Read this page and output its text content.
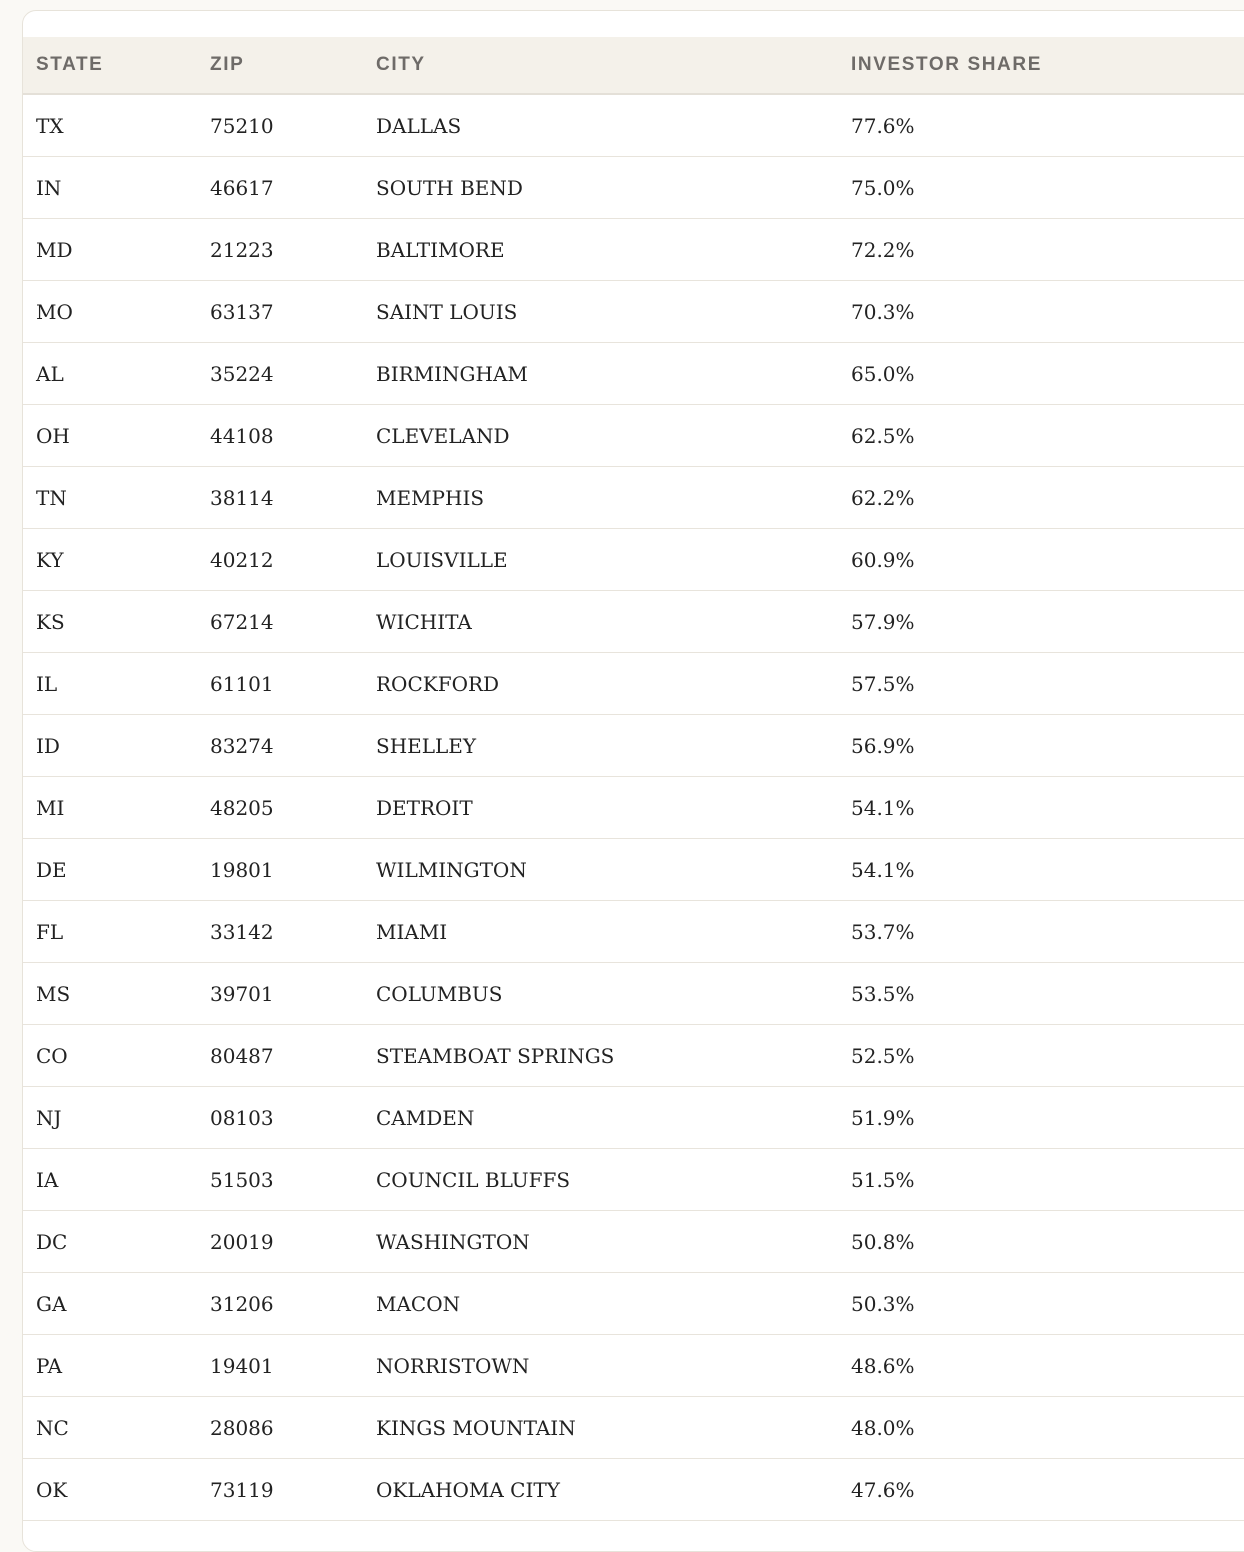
STATE	ZIP	CITY	INVESTOR SHARE
TX	75210	DALLAS	77.6%
IN	46617	SOUTH BEND	75.0%
MD	21223	BALTIMORE	72.2%
MO	63137	SAINT LOUIS	70.3%
AL	35224	BIRMINGHAM	65.0%
OH	44108	CLEVELAND	62.5%
TN	38114	MEMPHIS	62.2%
KY	40212	LOUISVILLE	60.9%
KS	67214	WICHITA	57.9%
IL	61101	ROCKFORD	57.5%
ID	83274	SHELLEY	56.9%
MI	48205	DETROIT	54.1%
DE	19801	WILMINGTON	54.1%
FL	33142	MIAMI	53.7%
MS	39701	COLUMBUS	53.5%
CO	80487	STEAMBOAT SPRINGS	52.5%
NJ	08103	CAMDEN	51.9%
IA	51503	COUNCIL BLUFFS	51.5%
DC	20019	WASHINGTON	50.8%
GA	31206	MACON	50.3%
PA	19401	NORRISTOWN	48.6%
NC	28086	KINGS MOUNTAIN	48.0%
OK	73119	OKLAHOMA CITY	47.6%
